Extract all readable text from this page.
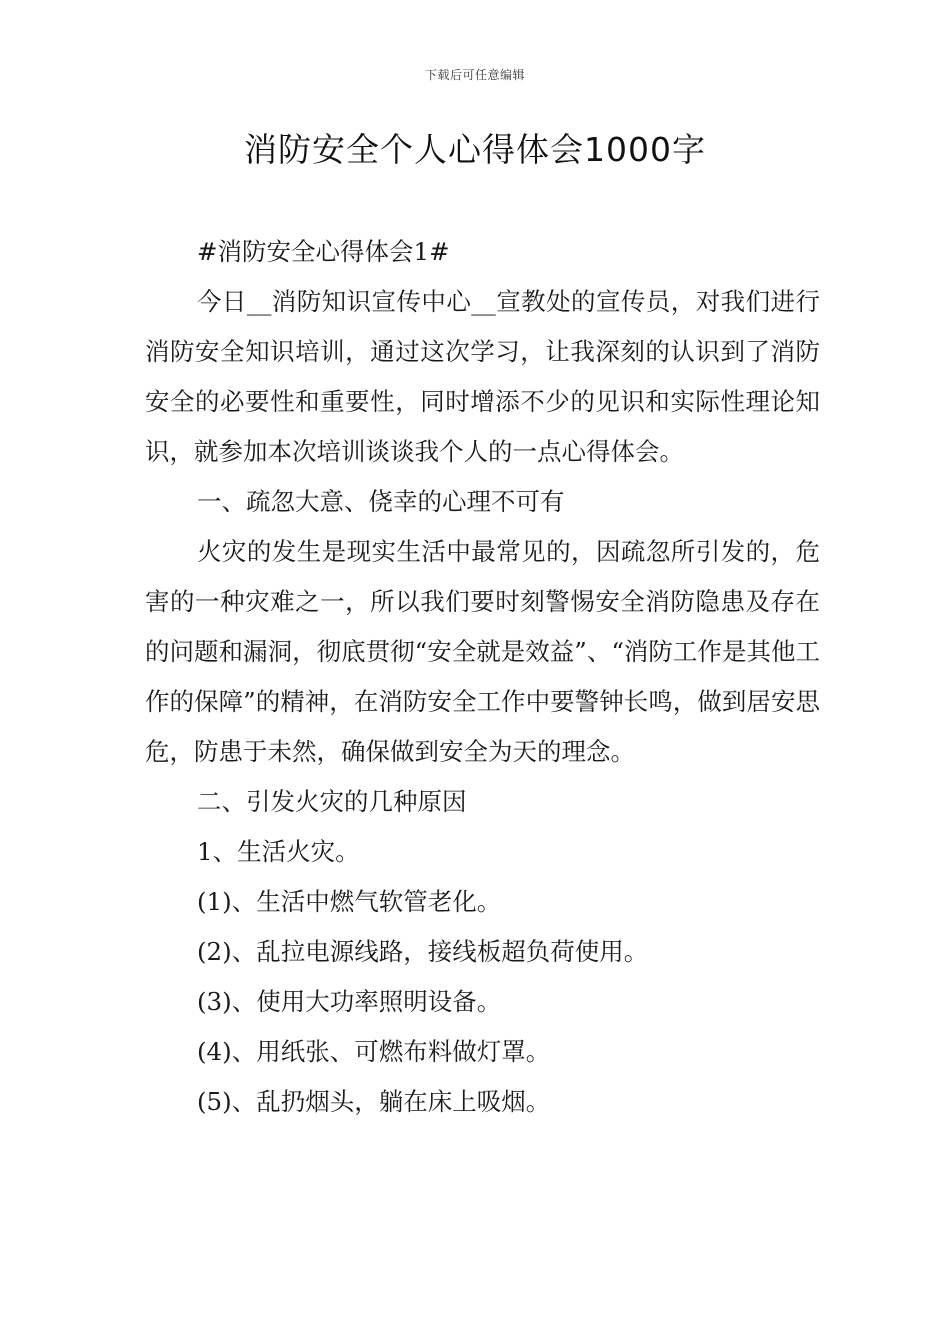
下载后可任意编辑
消防安全个人心得体会1000字

#消防安全心得体会1#

今日__消防知识宣传中心__宣教处的宣传员，对我们进行消防安全知识培训，通过这次学习，让我深刻的认识到了消防安全的必要性和重要性，同时增添不少的见识和实际性理论知识，就参加本次培训谈谈我个人的一点心得体会。

一、疏忽大意、侥幸的心理不可有

火灾的发生是现实生活中最常见的，因疏忽所引发的，危害的一种灾难之一，所以我们要时刻警惕安全消防隐患及存在的问题和漏洞，彻底贯彻“安全就是效益”、“消防工作是其他工作的保障”的精神，在消防安全工作中要警钟长鸣，做到居安思危，防患于未然，确保做到安全为天的理念。

二、引发火灾的几种原因

1、生活火灾。

(1)、生活中燃气软管老化。

(2)、乱拉电源线路，接线板超负荷使用。

(3)、使用大功率照明设备。

(4)、用纸张、可燃布料做灯罩。

(5)、乱扔烟头，躺在床上吸烟。
